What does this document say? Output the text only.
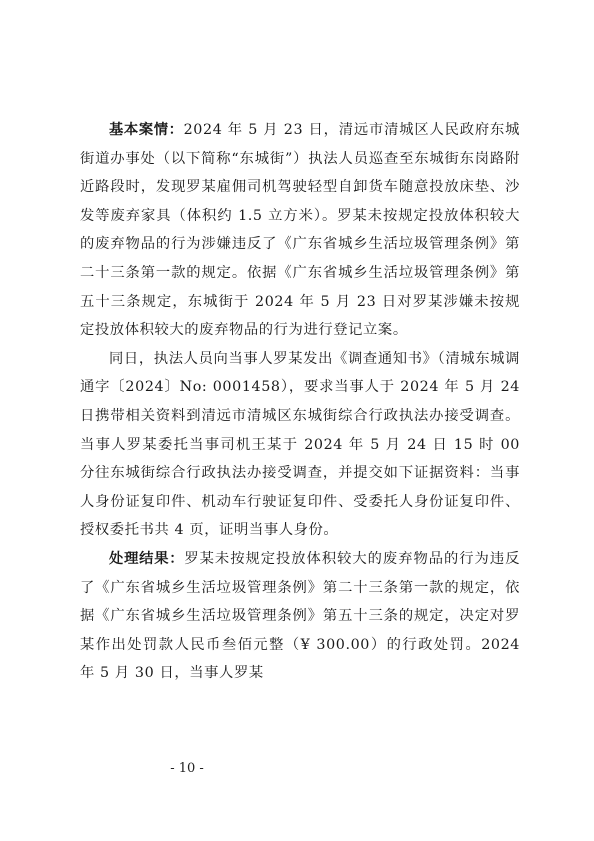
基本案情：2024 年 5 月 23 日，清远市清城区人民政府东城街道办事处（以下简称“东城街”）执法人员巡查至东城街东岗路附近路段时，发现罗某雇佣司机驾驶轻型自卸货车随意投放床垫、沙发等废弃家具（体积约 1.5 立方米）。罗某未按规定投放体积较大的废弃物品的行为涉嫌违反了《广东省城乡生活垃圾管理条例》第二十三条第一款的规定。依据《广东省城乡生活垃圾管理条例》第五十三条规定，东城街于 2024 年 5 月 23 日对罗某涉嫌未按规定投放体积较大的废弃物品的行为进行登记立案。

同日，执法人员向当事人罗某发出《调查通知书》（清城东城调通字〔2024〕No: 0001458），要求当事人于 2024 年 5 月 24 日携带相关资料到清远市清城区东城街综合行政执法办接受调查。当事人罗某委托当事司机王某于 2024 年 5 月 24 日 15 时 00 分往东城街综合行政执法办接受调查，并提交如下证据资料：当事人身份证复印件、机动车行驶证复印件、受委托人身份证复印件、授权委托书共 4 页，证明当事人身份。

处理结果：罗某未按规定投放体积较大的废弃物品的行为违反了《广东省城乡生活垃圾管理条例》第二十三条第一款的规定，依据《广东省城乡生活垃圾管理条例》第五十三条的规定，决定对罗某作出处罚款人民币叁佰元整（¥ 300.00）的行政处罚。2024 年 5 月 30 日，当事人罗某

- 10 -
